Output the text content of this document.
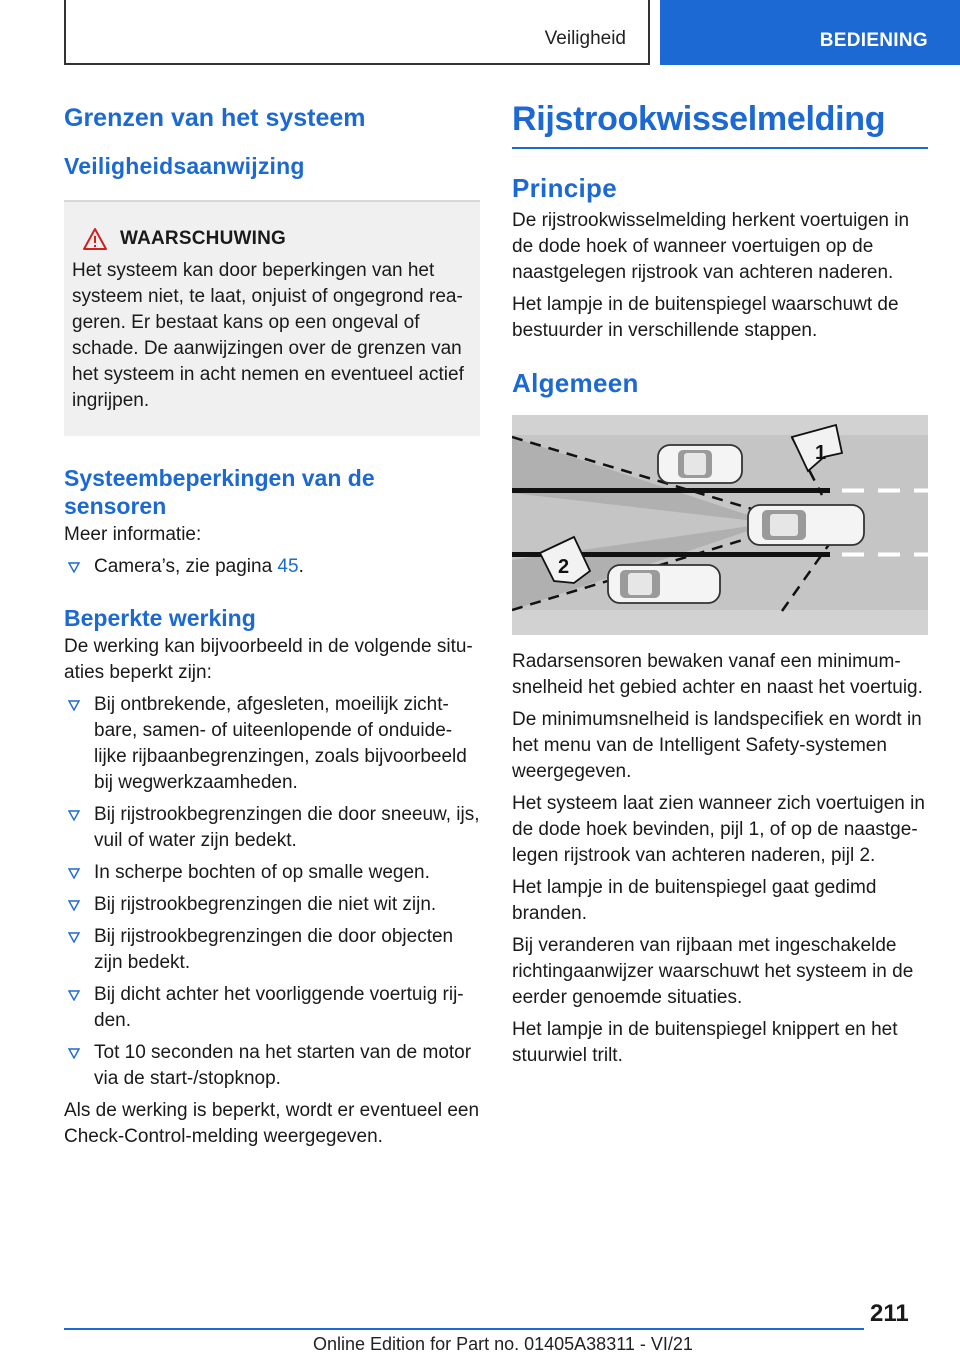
Veiligheid	BEDIENING
Grenzen van het systeem
Veiligheidsaanwijzing
WAARSCHUWING

Het systeem kan door beperkingen van het systeem niet, te laat, onjuist of ongegrond rea-geren. Er bestaat kans op een ongeval of schade. De aanwijzingen over de grenzen van het systeem in acht nemen en eventueel actief ingrijpen.

Systeembeperkingen van de sensoren

Meer informatie:

Camera’s, zie pagina 45.
Beperkte werking

De werking kan bijvoorbeeld in de volgende situ-aties beperkt zijn:

Bij ontbrekende, afgesleten, moeilijk zicht-bare, samen- of uiteenlopende of onduide-lijke rijbaanbegrenzingen, zoals bijvoorbeeld bij wegwerkzaamheden.
Bij rijstrookbegrenzingen die door sneeuw, ijs, vuil of water zijn bedekt.
In scherpe bochten of op smalle wegen.
Bij rijstrookbegrenzingen die niet wit zijn.
Bij rijstrookbegrenzingen die door objecten zijn bedekt.
Bij dicht achter het voorliggende voertuig rij-den.
Tot 10 seconden na het starten van de motor via de start-/stopknop.

Als de werking is beperkt, wordt er eventueel een Check-Control-melding weergegeven.

Rijstrookwisselmelding
Principe

De rijstrookwisselmelding herkent voertuigen in de dode hoek of wanneer voertuigen op de naastgelegen rijstrook van achteren naderen.

Het lampje in de buitenspiegel waarschuwt de bestuurder in verschillende stappen.

Algemeen
1
2

Radarsensoren bewaken vanaf een minimum-snelheid het gebied achter en naast het voertuig.

De minimumsnelheid is landspecifiek en wordt in het menu van de Intelligent Safety-systemen weergegeven.

Het systeem laat zien wanneer zich voertuigen in de dode hoek bevinden, pijl 1, of op de naastge-legen rijstrook van achteren naderen, pijl 2.

Het lampje in de buitenspiegel gaat gedimd branden.

Bij veranderen van rijbaan met ingeschakelde richtingaanwijzer waarschuwt het systeem in de eerder genoemde situaties.

Het lampje in de buitenspiegel knippert en het stuurwiel trilt.

211
Online Edition for Part no. 01405A38311 - VI/21
